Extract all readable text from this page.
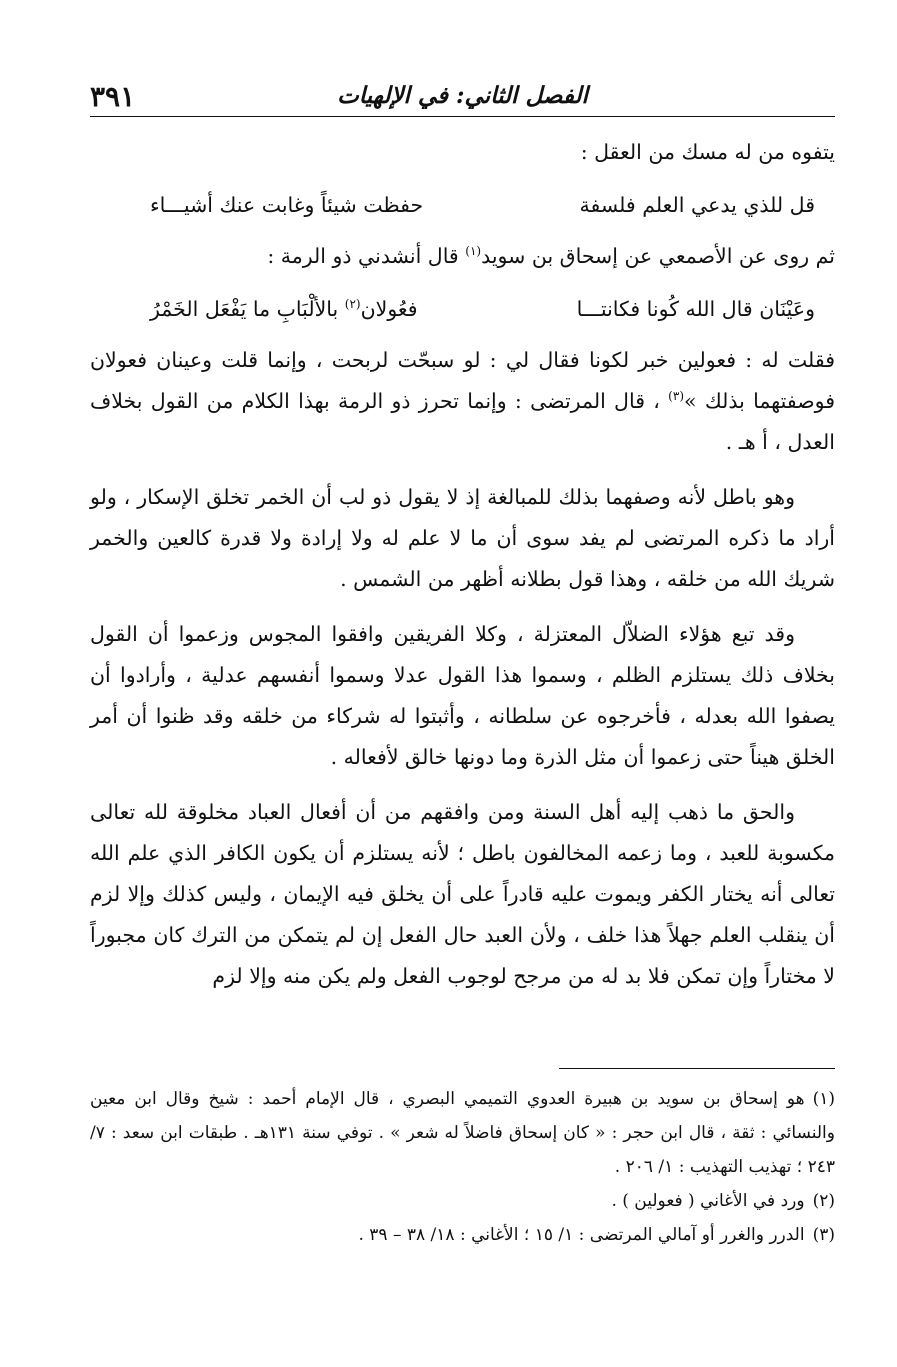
الفصل الثاني: في الإلهيات
٣٩١

يتفوه من له مسك من العقل :

قل للذي يدعي العلم فلسفة
حفظت شيئاً وغابت عنك أشيـــاء

ثم روى عن الأصمعي عن إسحاق بن سويد$^{(١)}$ قال أنشدني ذو الرمة :

وعَيْنَان قال الله كُونا فكانتـــا
فعُولان$^{(٢)}$ بالألْبَابِ ما يَفْعَل الخَمْرُ

فقلت له : فعولين خبر لكونا فقال لي : لو سبحّت لربحت ، وإنما قلت وعينان فعولان فوصفتهما بذلك »$^{(٣)}$ ، قال المرتضى : وإنما تحرز ذو الرمة بهذا الكلام من القول بخلاف العدل ، أ هـ .

وهو باطل لأنه وصفهما بذلك للمبالغة إذ لا يقول ذو لب أن الخمر تخلق الإسكار ، ولو أراد ما ذكره المرتضى لم يفد سوى أن ما لا علم له ولا إرادة ولا قدرة كالعين والخمر شريك الله من خلقه ، وهذا قول بطلانه أظهر من الشمس .

وقد تبع هؤلاء الضلاّل المعتزلة ، وكلا الفريقين وافقوا المجوس وزعموا أن القول بخلاف ذلك يستلزم الظلم ، وسموا هذا القول عدلا وسموا أنفسهم عدلية ، وأرادوا أن يصفوا الله بعدله ، فأخرجوه عن سلطانه ، وأثبتوا له شركاء من خلقه وقد ظنوا أن أمر الخلق هيناً حتى زعموا أن مثل الذرة وما دونها خالق لأفعاله .

والحق ما ذهب إليه أهل السنة ومن وافقهم من أن أفعال العباد مخلوقة لله تعالى مكسوبة للعبد ، وما زعمه المخالفون باطل ؛ لأنه يستلزم أن يكون الكافر الذي علم الله تعالى أنه يختار الكفر ويموت عليه قادراً على أن يخلق فيه الإيمان ، وليس كذلك وإلا لزم أن ينقلب العلم جهلاً هذا خلف ، ولأن العبد حال الفعل إن لم يتمكن من الترك كان مجبوراً لا مختاراً وإن تمكن فلا بد له من مرجح لوجوب الفعل ولم يكن منه وإلا لزم

(١)هو إسحاق بن سويد بن هبيرة العدوي التميمي البصري ، قال الإمام أحمد : شيخ وقال ابن معين والنسائي : ثقة ، قال ابن حجر : « كان إسحاق فاضلاً له شعر » . توفي سنة ١٣١هـ . طبقات ابن سعد : ٧/ ٢٤٣ ؛ تهذيب التهذيب : ١/ ٢٠٦ .

(٢)ورد في الأغاني ( فعولين ) .

(٣)الدرر والغرر أو آمالي المرتضى : ١/ ١٥ ؛ الأغاني : ١٨/ ٣٨ – ٣٩ .
